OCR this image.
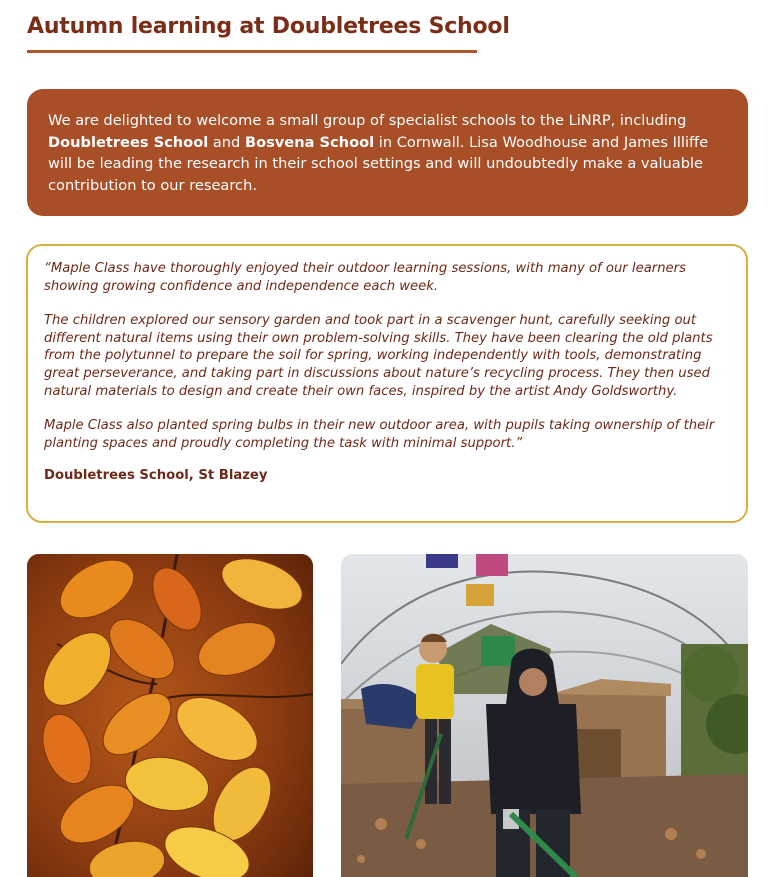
Autumn learning at Doubletrees School
We are delighted to welcome a small group of specialist schools to the LiNRP, including Doubletrees School and Bosvena School in Cornwall. Lisa Woodhouse and James Illiffe will be leading the research in their school settings and will undoubtedly make a valuable contribution to our research.

“Maple Class have thoroughly enjoyed their outdoor learning sessions, with many of our learners showing growing confidence and independence each week.

The children explored our sensory garden and took part in a scavenger hunt, carefully seeking out different natural items using their own problem-solving skills. They have been clearing the old plants from the polytunnel to prepare the soil for spring, working independently with tools, demonstrating great perseverance, and taking part in discussions about nature’s recycling process. They then used natural materials to design and create their own faces, inspired by the artist Andy Goldsworthy.

Maple Class also planted spring bulbs in their new outdoor area, with pupils taking ownership of their planting spaces and proudly completing the task with minimal support.”

Doubletrees School, St Blazey
